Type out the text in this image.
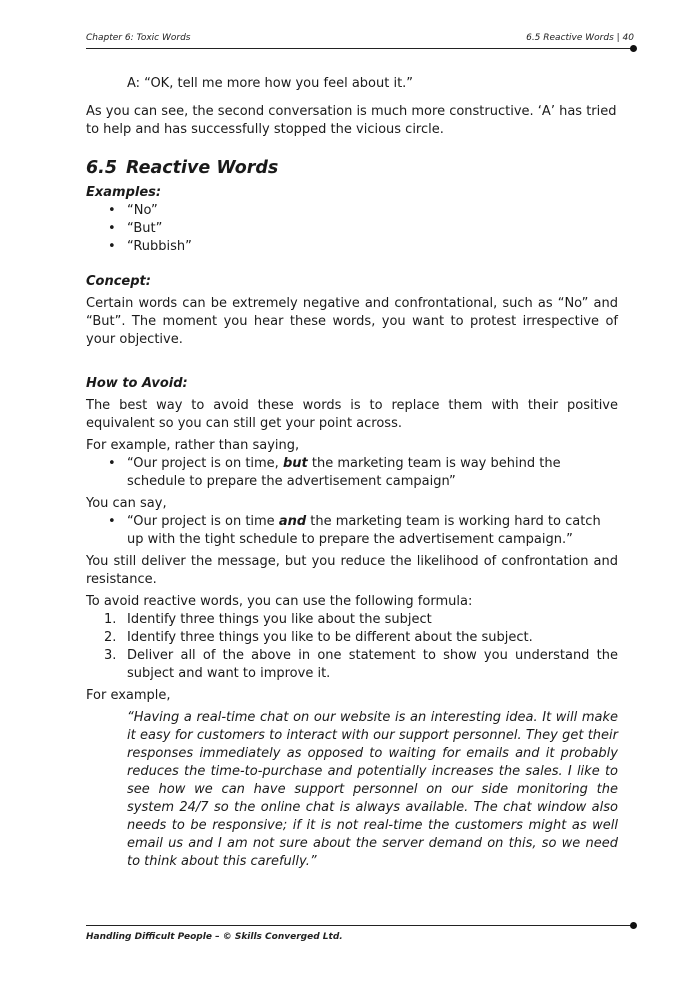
Chapter 6: Toxic Words	6.5 Reactive Words | 40

A: “OK, tell me more how you feel about it.”

As you can see, the second conversation is much more constructive. ‘A’ has tried to help and has successfully stopped the vicious circle.

6.5 Reactive Words

Examples:

• “No”
• “But”
• “Rubbish”

Concept:

Certain words can be extremely negative and confrontational, such as “No” and “But”. The moment you hear these words, you want to protest irrespective of your objective.

How to Avoid:

The best way to avoid these words is to replace them with their positive equivalent so you can still get your point across.

For example, rather than saying,

• “Our project is on time, but the marketing team is way behind the schedule to prepare the advertisement campaign”

You can say,

• “Our project is on time and the marketing team is working hard to catch up with the tight schedule to prepare the advertisement campaign.”

You still deliver the message, but you reduce the likelihood of confrontation and resistance.

To avoid reactive words, you can use the following formula:

1. Identify three things you like about the subject
2. Identify three things you like to be different about the subject.
3. Deliver all of the above in one statement to show you understand the subject and want to improve it.

For example,

“Having a real-time chat on our website is an interesting idea. It will make it easy for customers to interact with our support personnel. They get their responses immediately as opposed to waiting for emails and it probably reduces the time-to-purchase and potentially increases the sales. I like to see how we can have support personnel on our side monitoring the system 24/7 so the online chat is always available. The chat window also needs to be responsive; if it is not real-time the customers might as well email us and I am not sure about the server demand on this, so we need to think about this carefully.”

Handling Difficult People – © Skills Converged Ltd.
